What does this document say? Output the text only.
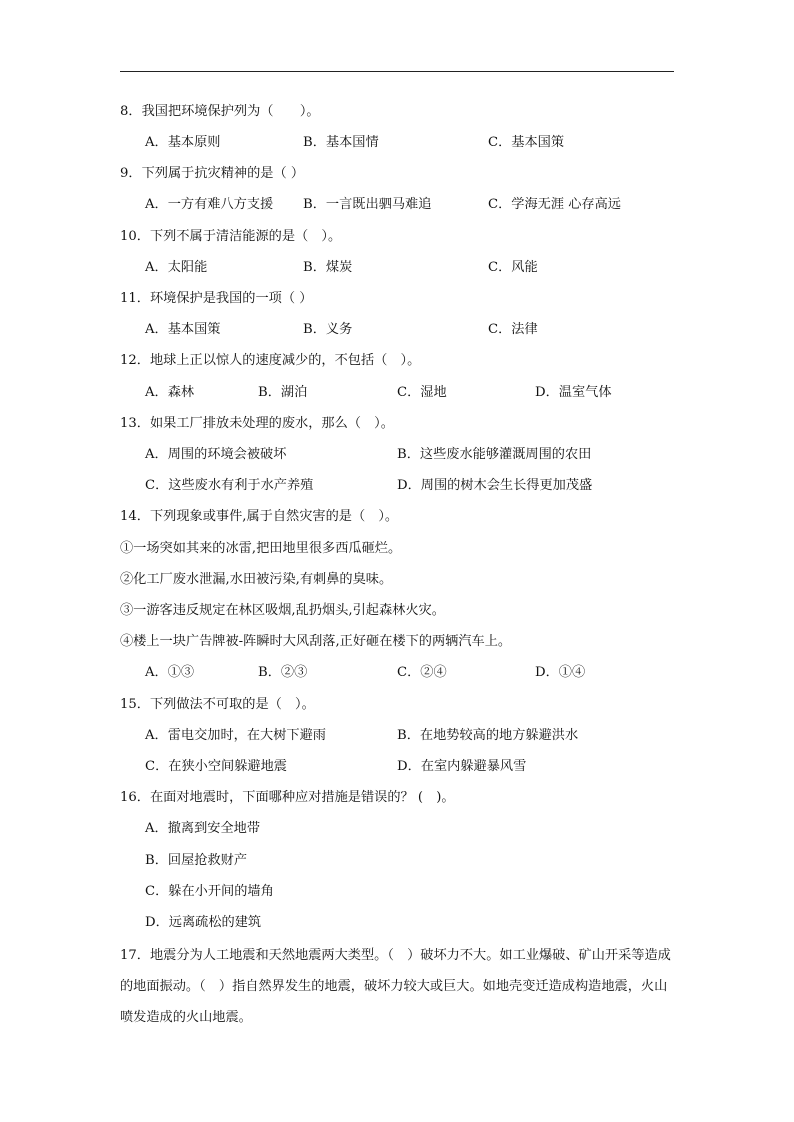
8．我国把环境保护列为（　　）。
A．基本原则	B．基本国情	C．基本国策
9．下列属于抗灾精神的是（ ）
A．一方有难八方支援 B．一言既出驷马难追	C．学海无涯 心存高远
10．下列不属于清洁能源的是（　）。
A．太阳能	B．煤炭	C．风能
11．环境保护是我国的一项（ ）
A．基本国策	B．义务	C．法律
12．地球上正以惊人的速度减少的，不包括（　）。
A．森林	B．湖泊	C．湿地	D．温室气体
13．如果工厂排放未处理的废水，那么（　）。
A．周围的环境会被破坏	B．这些废水能够灌溉周围的农田
C．这些废水有利于水产养殖	D．周围的树木会生长得更加茂盛
14．下列现象或事件,属于自然灾害的是（　）。
①一场突如其来的冰雷,把田地里很多西瓜砸烂。
②化工厂废水泄漏,水田被污染,有刺鼻的臭味。
③一游客违反规定在林区吸烟,乱扔烟头,引起森林火灾。
④楼上一块广告牌被-阵瞬时大风刮落,正好砸在楼下的两辆汽车上。
A．①③	B．②③	C．②④	D．①④
15．下列做法不可取的是（　）。
A．雷电交加时，在大树下避雨	B．在地势较高的地方躲避洪水
C．在狭小空间躲避地震	D．在室内躲避暴风雪
16．在面对地震时，下面哪种应对措施是错误的？ (　)。
A．撤离到安全地带
B．回屋抢救财产
C．躲在小开间的墙角
D．远离疏松的建筑
17．地震分为人工地震和天然地震两大类型。（　）破坏力不大。如工业爆破、矿山开采等造成的地面振动。（　）指自然界发生的地震，破坏力较大或巨大。如地壳变迁造成构造地震，火山喷发造成的火山地震。
